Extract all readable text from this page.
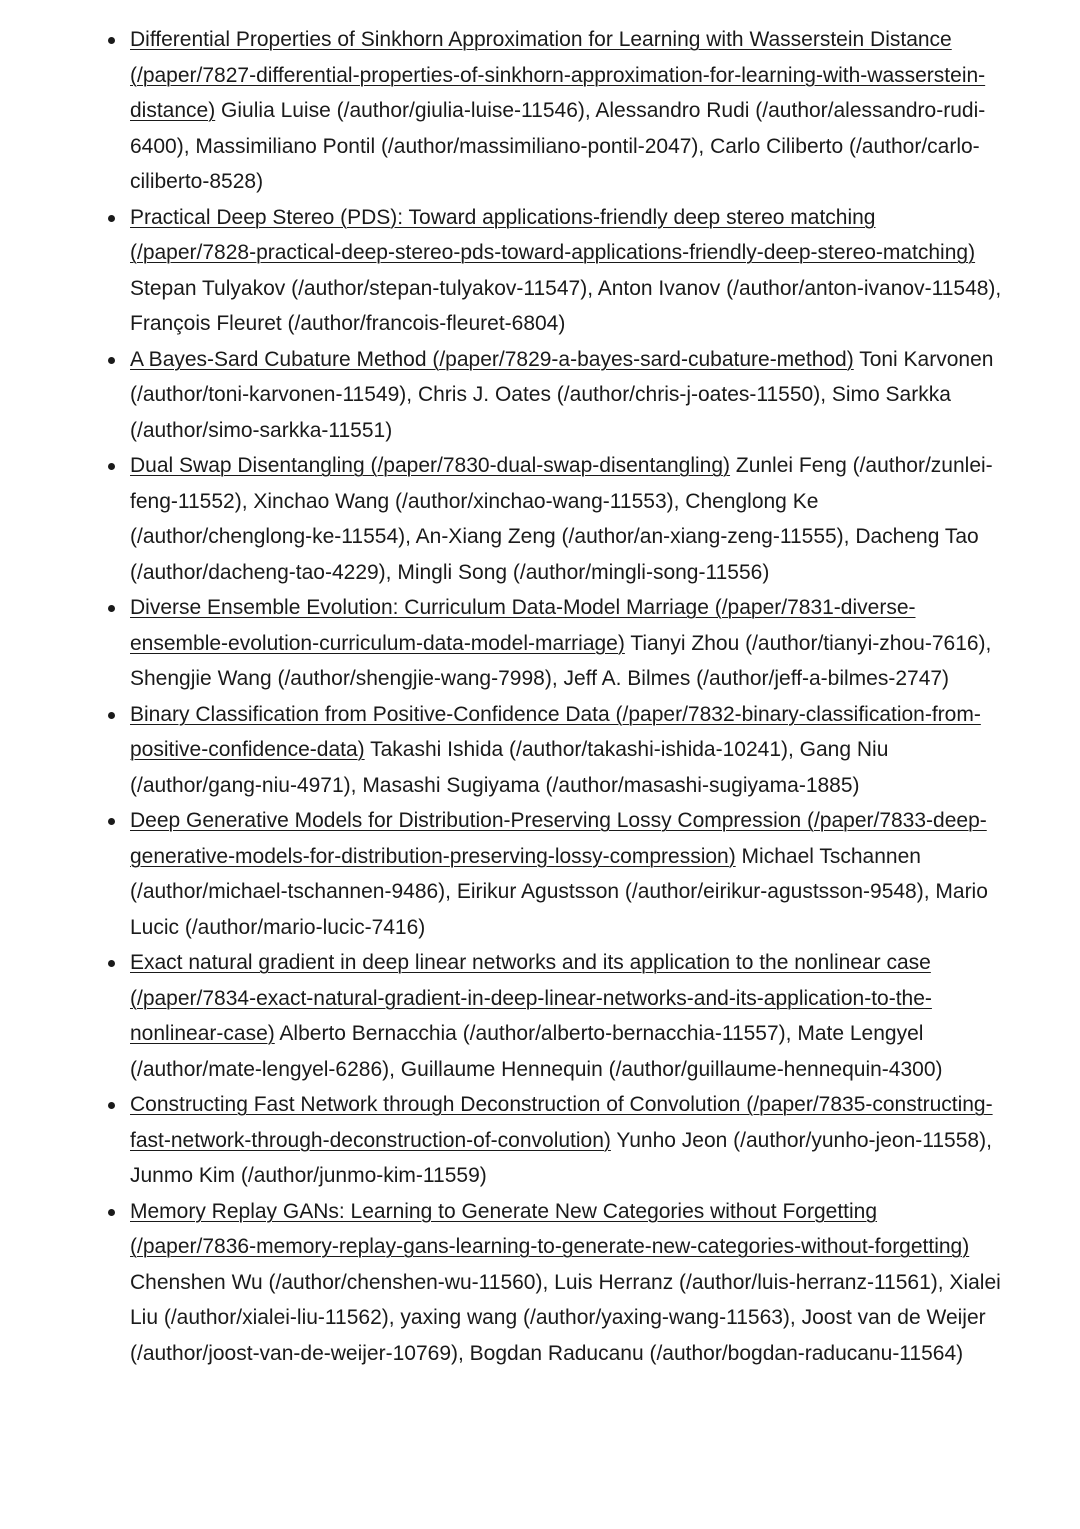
Differential Properties of Sinkhorn Approximation for Learning with Wasserstein Distance (/paper/7827-differential-properties-of-sinkhorn-approximation-for-learning-with-wasserstein-distance) Giulia Luise (/author/giulia-luise-11546), Alessandro Rudi (/author/alessandro-rudi-6400), Massimiliano Pontil (/author/massimiliano-pontil-2047), Carlo Ciliberto (/author/carlo-ciliberto-8528)
Practical Deep Stereo (PDS): Toward applications-friendly deep stereo matching (/paper/7828-practical-deep-stereo-pds-toward-applications-friendly-deep-stereo-matching) Stepan Tulyakov (/author/stepan-tulyakov-11547), Anton Ivanov (/author/anton-ivanov-11548), François Fleuret (/author/francois-fleuret-6804)
A Bayes-Sard Cubature Method (/paper/7829-a-bayes-sard-cubature-method) Toni Karvonen (/author/toni-karvonen-11549), Chris J. Oates (/author/chris-j-oates-11550), Simo Sarkka (/author/simo-sarkka-11551)
Dual Swap Disentangling (/paper/7830-dual-swap-disentangling) Zunlei Feng (/author/zunlei-feng-11552), Xinchao Wang (/author/xinchao-wang-11553), Chenglong Ke (/author/chenglong-ke-11554), An-Xiang Zeng (/author/an-xiang-zeng-11555), Dacheng Tao (/author/dacheng-tao-4229), Mingli Song (/author/mingli-song-11556)
Diverse Ensemble Evolution: Curriculum Data-Model Marriage (/paper/7831-diverse-ensemble-evolution-curriculum-data-model-marriage) Tianyi Zhou (/author/tianyi-zhou-7616), Shengjie Wang (/author/shengjie-wang-7998), Jeff A. Bilmes (/author/jeff-a-bilmes-2747)
Binary Classification from Positive-Confidence Data (/paper/7832-binary-classification-from-positive-confidence-data) Takashi Ishida (/author/takashi-ishida-10241), Gang Niu (/author/gang-niu-4971), Masashi Sugiyama (/author/masashi-sugiyama-1885)
Deep Generative Models for Distribution-Preserving Lossy Compression (/paper/7833-deep-generative-models-for-distribution-preserving-lossy-compression) Michael Tschannen (/author/michael-tschannen-9486), Eirikur Agustsson (/author/eirikur-agustsson-9548), Mario Lucic (/author/mario-lucic-7416)
Exact natural gradient in deep linear networks and its application to the nonlinear case (/paper/7834-exact-natural-gradient-in-deep-linear-networks-and-its-application-to-the-nonlinear-case) Alberto Bernacchia (/author/alberto-bernacchia-11557), Mate Lengyel (/author/mate-lengyel-6286), Guillaume Hennequin (/author/guillaume-hennequin-4300)
Constructing Fast Network through Deconstruction of Convolution (/paper/7835-constructing-fast-network-through-deconstruction-of-convolution) Yunho Jeon (/author/yunho-jeon-11558), Junmo Kim (/author/junmo-kim-11559)
Memory Replay GANs: Learning to Generate New Categories without Forgetting (/paper/7836-memory-replay-gans-learning-to-generate-new-categories-without-forgetting) Chenshen Wu (/author/chenshen-wu-11560), Luis Herranz (/author/luis-herranz-11561), Xialei Liu (/author/xialei-liu-11562), yaxing wang (/author/yaxing-wang-11563), Joost van de Weijer (/author/joost-van-de-weijer-10769), Bogdan Raducanu (/author/bogdan-raducanu-11564)
